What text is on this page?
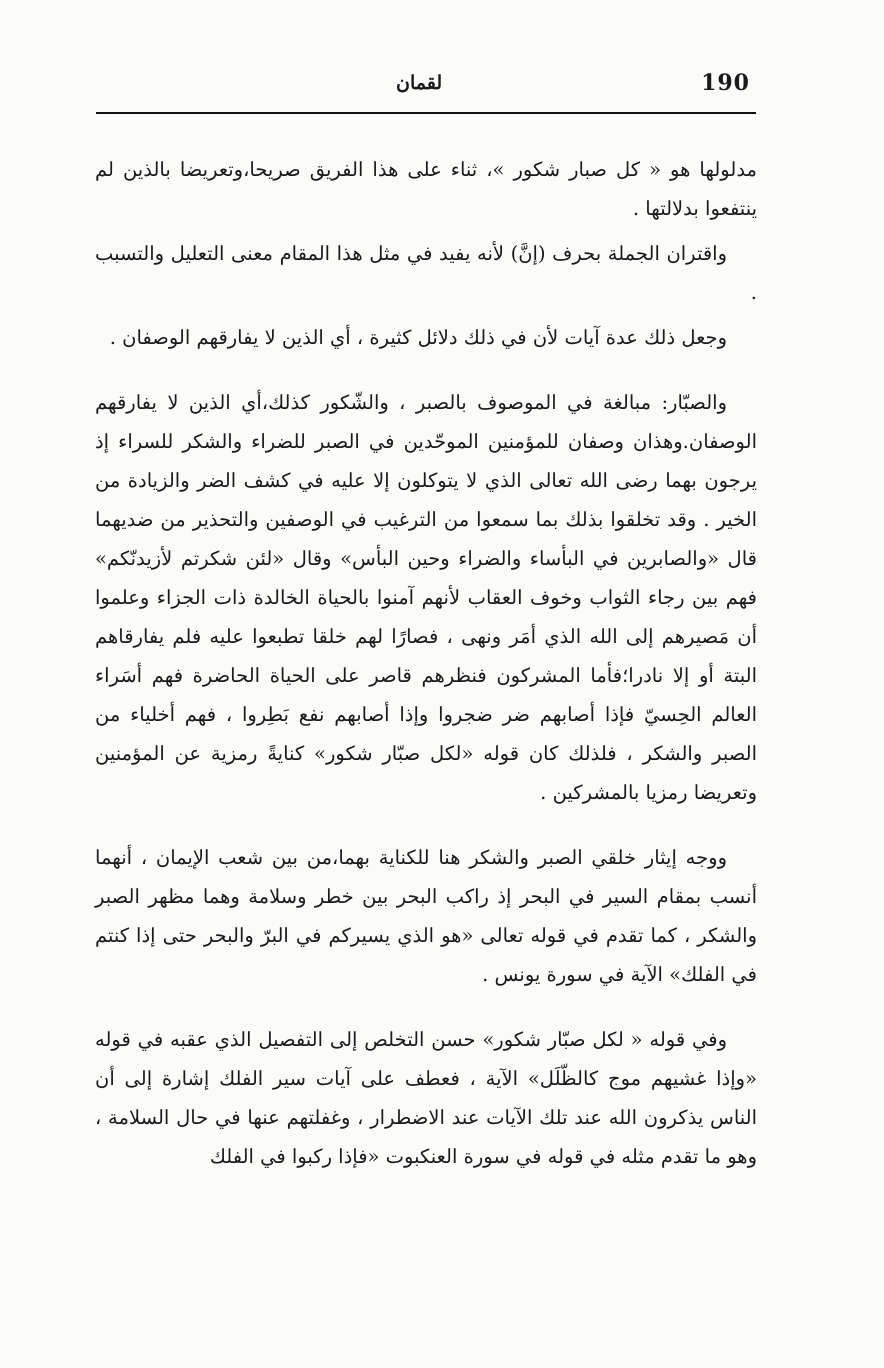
190
لقمان

مدلولها هو « كل صبار شكور »، ثناء على هذا الفريق صريحا،وتعريضا بالذين لم ينتفعوا بدلالتها .

واقتران الجملة بحرف (إنَّ) لأنه يفيد في مثل هذا المقام معنى التعليل والتسبب .

وجعل ذلك عدة آيات لأن في ذلك دلائل كثيرة ، أي الذين لا يفارقهم الوصفان .

والصبّار: مبالغة في الموصوف بالصبر ، والشّكور كذلك،أي الذين لا يفارقهم الوصفان.وهذان وصفان للمؤمنين الموحّدين في الصبر للضراء والشكر للسراء إذ يرجون بهما رضى الله تعالى الذي لا يتوكلون إلا عليه في كشف الضر والزيادة من الخير . وقد تخلقوا بذلك بما سمعوا من الترغيب في الوصفين والتحذير من ضديهما قال «والصابرين في البأساء والضراء وحين البأس» وقال «لئن شكرتم لأزيدنّكم» فهم بين رجاء الثواب وخوف العقاب لأنهم آمنوا بالحياة الخالدة ذات الجزاء وعلموا أن مَصيرهم إلى الله الذي أمَر ونهى ، فصارًا لهم خلقا تطبعوا عليه فلم يفارقاهم البتة أو إلا نادرا؛فأما المشركون فنظرهم قاصر على الحياة الحاضرة فهم أسَراء العالم الحِسيّ فإذا أصابهم ضر ضجروا وإذا أصابهم نفع بَطِروا ، فهم أخلياء من الصبر والشكر ، فلذلك كان قوله «لكل صبّار شكور» كنايةً رمزية عن المؤمنين وتعريضا رمزيا بالمشركين .

ووجه إيثار خلقي الصبر والشكر هنا للكناية بهما،من بين شعب الإيمان ، أنهما أنسب بمقام السير في البحر إذ راكب البحر بين خطر وسلامة وهما مظهر الصبر والشكر ، كما تقدم في قوله تعالى «هو الذي يسيركم في البرّ والبحر حتى إذا كنتم في الفلك» الآية في سورة يونس .

وفي قوله « لكل صبّار شكور» حسن التخلص إلى التفصيل الذي عقبه في قوله «وإذا غشيهم موج كالظّلَل» الآية ، فعطف على آيات سير الفلك إشارة إلى أن الناس يذكرون الله عند تلك الآيات عند الاضطرار ، وغفلتهم عنها في حال السلامة ، وهو ما تقدم مثله في قوله في سورة العنكبوت «فإذا ركبوا في الفلك
